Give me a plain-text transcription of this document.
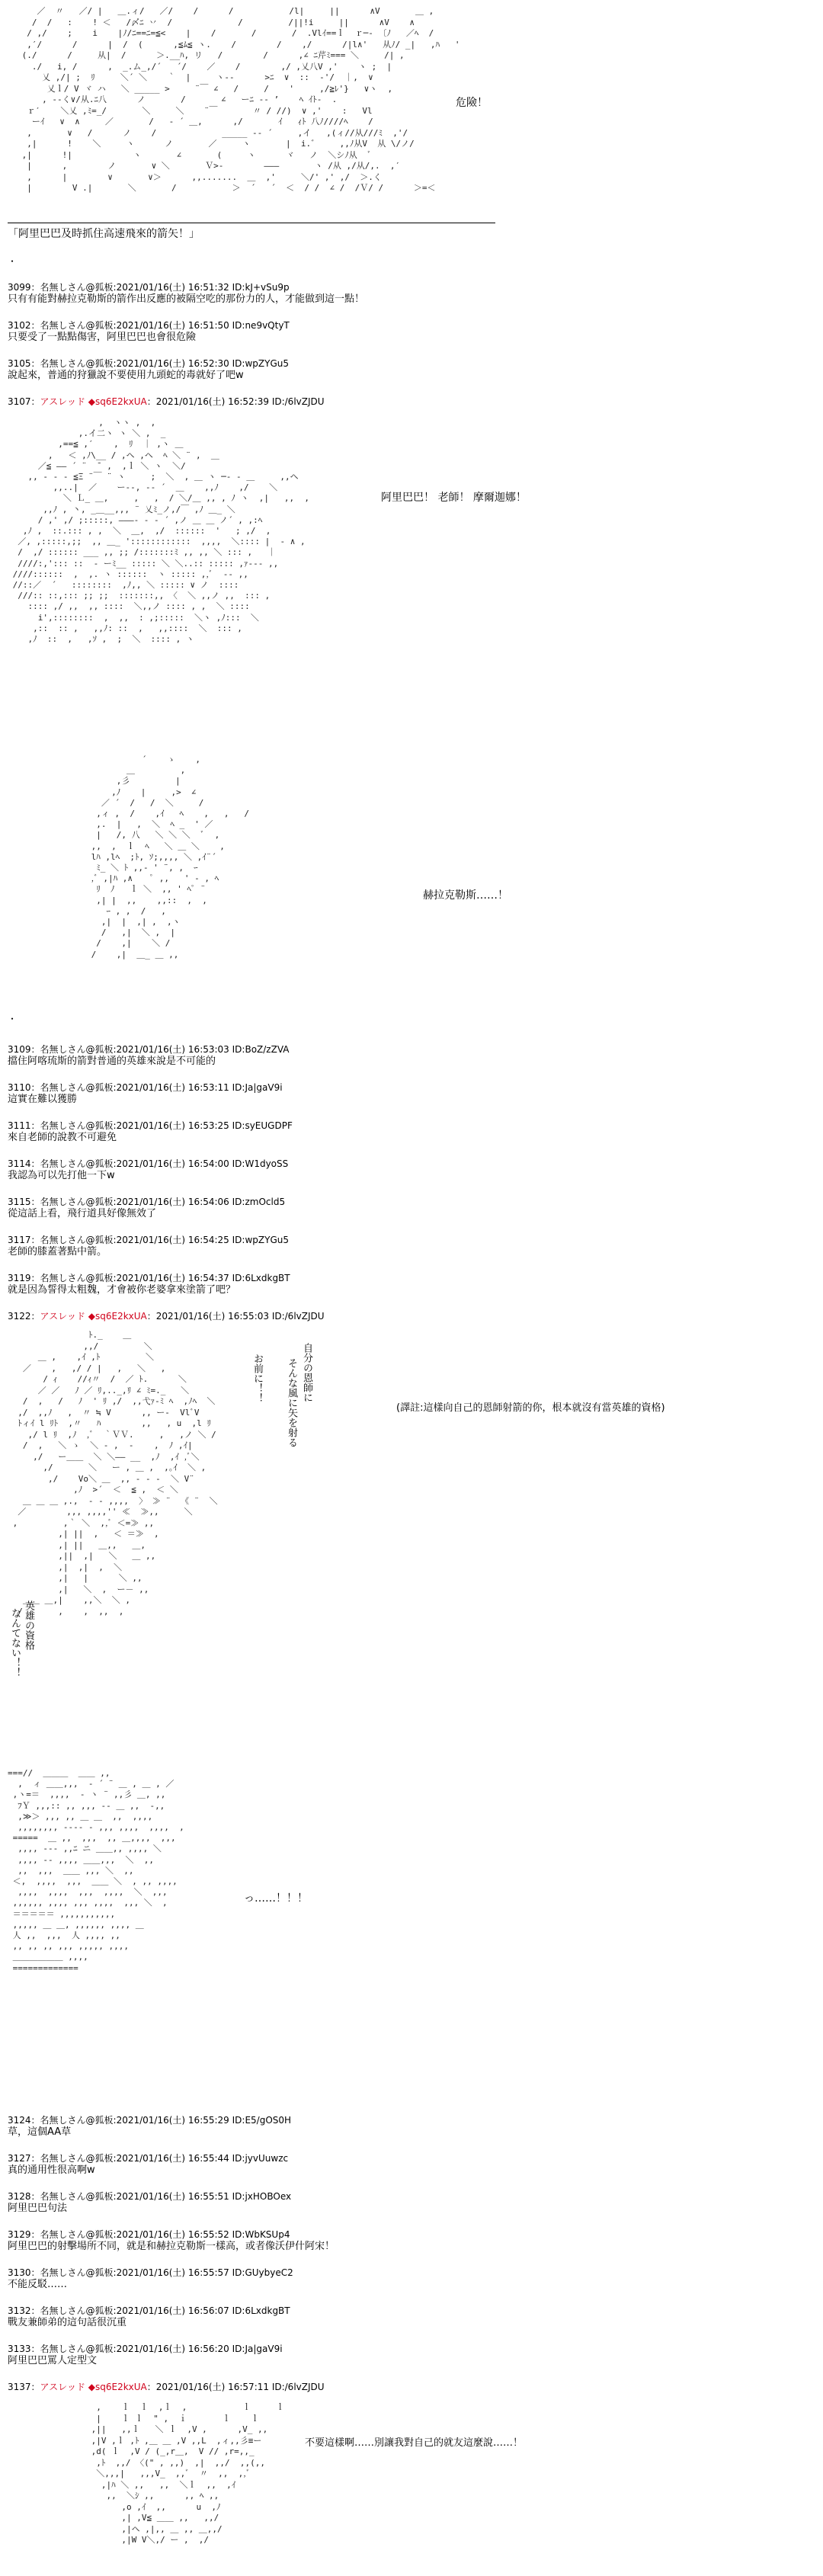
／  〃   ／/ |   ＿.ィ/   ／/    /      /           /l|     ||      ∧V       ＿ ,
/  /   :    ! ＜   /〆ﾆ 丷  /             /         /||!i     ||      ∧V    ∧
/ ,/    ;    i    |ﾉ/ﾆ==ﾆ=≦<    |    /       /       /  .Vlｲ==ｌ  ｒ─‐ 〔ﾉ   ／ﾍ  /
,′/      /      |  /  (      ,≦ﾑ≦ ヽ.    /        /    ,/      /|l∧'   从ﾉ/ _|   ,ﾊ   '
(./      /     从|  /      ＞.__ﾊ, リ   /        /      ,∠ ﾆ芹ﾐ=== ＼     /| ,
./   i, /      ,  _.ム_,/´   ´/    ／    /        ,/ ,乂八V ,'    ヽ ;  |
乂 ,/| ;  ﾘ     ＼´ ＼    ｀  |     ヽ-‐      >ﾆ  ∨  ::  ‐'/  ｜,  ∨
乂ｌ/ V ヾ ハ   ＼ _____ >     ¨￣ ∠   /     /    '     ,/≧ﾚ'}   ∨ヽ  ,
, -‐く∨/从.ﾆ八      ノ       /       ∠   ーﾆ -‐ ’    ﾍ ｲﾄ‐  .
ｒ′    ＼乂 ,ﾐ=_/       ＼     ＼    ¨￣       〃 / //)  ∨ ,'    :   Vl
ーｲ   ∨  ∧     ／       /   ‐ ´ ＿,      ,/       ｲ   ｨﾄ 八ﾉ////ﾍ    /
,       ∨   /      ノ    /             _____ -‐ ´     ,イ   ,(ィ//从///ﾐ  ,'/
,|      !    ＼     ヽ      ノ       ／     ヽ       |  i.゛    ,,ﾉ从V  从 \/ノ/
,|      !|            ヽ       ∠       (     ヽ      ヾ   ノ  ＼シﾉ从  ﾞ
|      ,        ノ       ∨ ＼       Ｖ>‐        ―――       ヽ /从 ,/从/,.  ,′
,      |        ∨       ∨＞      ,,.......  ＿  ,'     ＼/' ,' ,/  ＞.く
|        V .|       ＼       /           ＞  ´   ´  ＜  / /  ∠ /  /Ｖ/ /      ＞=＜

危險！
「阿里巴巴及時抓住高速飛來的箭矢！」
・
3099：名無しさん@狐板:2021/01/16(土) 16:51:32 ID:kJ+vSu9p
只有有能對赫拉克勒斯的箭作出反應的被隔空吃的那份力的人，才能做到這一點！
3102：名無しさん@狐板:2021/01/16(土) 16:51:50 ID:ne9vQtyT
只要受了一點點傷害，阿里巴巴也會很危險
3105：名無しさん@狐板:2021/01/16(土) 16:52:30 ID:wpZYGu5
說起來，普通的狩獵說不要使用九頭蛇的毒就好了吧w
3107：アスレッド ◆sq6E2kxUA：2021/01/16(土) 16:52:39 ID:/6lvZJDU
,  ヽヽ ,  ,
,.イ二ヽ ヽ ＼ ,  _
,==≦ ,′    ,  ﾘ  ｜ ,ヽ ＿
,   ＜ ,ﾉ\__ / ,ヘ ,ヘ  ﾍ ＼ ¨ ,  ＿
／≦ ―― ´ ¨  ¯ ,  ,ｌ ＼ ヽ  ＼/
,, ‐ ‐ ‐ ≦Ξ ¨￣ ¨ ヽ     ;  ＼  , ＿ ヽ ─‐ - ＿     ,,ヘ
,,..|  ／    ー--, -‐ ´  ＿    ,,ﾉ    ,/    ＼
＼ Ｌ_ ＿,     ,   ,  / ＼/＿ ,, , ﾉ ヽ  ,|   ,,  ,
,,ﾉ , 丶, _＿__,,, ¨ 乂ﾐ_ノ,/￣ ,ﾉ ＿_ ＼
/ ,' ,/ ;:::::, ―――‐ - ‐ ´ ,ノ ＿ ＿ ノ´ , ,:ﾍ
,ﾉ ,  ::.::: , ,  ＼  ＿,  ,/  ::::::  '   ; ,/  ,
／, ,:::::,;;  ,, ＿_ '::::::::::::  ,,,,  ＼:::: |  ‐ ∧ ,
/  ,/ :::::: ___ ,, ;; /:::::::ﾐ ,, ,, ＼ ::: ,   ｜
////:,'::: ::  ‐ ーﾐ__ ::::: ＼ ＼..:: ::::: ,ｧ--- ,,
////::::::  ,  ,. ヽ ::::::  ヽ ::::: ,,ﾞ  ‐- ,,
//::／  ´   ::::::::  ,ﾉ,, ＼ ::::: ∨ ノ  ::::
///:: ::,::: ;; ;;  :::::::,, 〈  ＼ ,,ノ ,,  ::: ,
:::: ,/ ,,  ,, ::::  ＼,,ノ :::: , ,  ＼ ::::
i',::::::::  ,  ,,  : ,;:::::  ＼ヽ ,ﾉ:::  ＼
,::  :: ,   ,,ﾉ: ::  ,   ,,::::  ＼  ::: ,
,ﾉ  ::  ,   ,ｿ ,  ;  ＼  :::: , ヽ

阿里巴巴！ 老師！ 摩爾迦娜！
´    ゝ    ,
＿         ,
,彡         |
,ﾉ    |     ,>  ∠
／ ´  /   /  ＼     /
,ィ ,  /    ,ｲ   ﾍ    ,   ,   /
,.  |   ,  ＼  ﾍ _  ' ／
|   /, 八   ＼ ＼ ＼  ﾞ  ,
,,  ,  ｌ  ﾍ   ＼ ＿ ＼    ,
lﾊ ,lﾍ  ;ﾄ, ｿ;,,,, ＼ ,ｲ¨´
ﾐ_ ＼ ﾄ ,,‐ ' ¨, ,  ｰ
,ﾞ ,|ﾊ ,∧    ﾟ ,,   ' ‐ , ﾍ
ﾘ  ﾉ   ｌ ＼  ,, ' ﾍﾟ ¨
,| |  ,,    ,,::  ,  ,
ｰ , ,  /   ,
,|  |  ,| ,  ,ヽ
/   ,|  ＼ ,  |
/    ,|    ＼ /
/    ,|  ＿_ ＿ ,,

赫拉克勒斯……！
・
3109：名無しさん@狐板:2021/01/16(土) 16:53:03 ID:BoZ/zZVA
擋住阿喀琉斯的箭對普通的英雄來說是不可能的
3110：名無しさん@狐板:2021/01/16(土) 16:53:11 ID:Ja|gaV9i
這實在難以獲勝
3111：名無しさん@狐板:2021/01/16(土) 16:53:25 ID:syEUGDPF
來自老師的說教不可避免
3114：名無しさん@狐板:2021/01/16(土) 16:54:00 ID:W1dyoSS
我認為可以先打他一下w
3115：名無しさん@狐板:2021/01/16(土) 16:54:06 ID:zmOcld5
從這話上看，飛行道具好像無效了
3117：名無しさん@狐板:2021/01/16(土) 16:54:25 ID:wpZYGu5
老師的膝蓋著點中箭。
3119：名無しさん@狐板:2021/01/16(土) 16:54:37 ID:6LxdkgBT
就是因為誓得太粗魏，才會被你老婆拿來塗箭了吧？
3122：アスレッド ◆sq6E2kxUA：2021/01/16(土) 16:55:03 ID:/6lvZJDU
ﾄ._    ＿
,,/         ＼
＿ ,    ,ｲ ,ﾄ         ＼
／    ,   ,/ / |   ,   ＼   ,
/ ｨ    //ｨ〃  /  ／ ﾄ.      ＼
／ ／   ﾉ ／ ﾘ,.._,ﾘ ∠ ﾐ=._   ＼
/  ,   /   ﾉ  ' ﾘ ,/  ,,弋ｧ‐ﾐ ﾍ  ,ﾉﾍ  ＼
,/  ,,ﾉ   ,  〃 ≒ V      ,, ー-  VlﾞV
ﾄィｲ l ﾘﾄ  ,〃   ﾊ        ,,   , u  ,l ﾘ
,/ l ﾘ  ,ﾉ  ,ﾞ  ｀ＶＶ.     ,   ,ノ ＼ /
/  ,   ＼ ゝ  ＼ ‐ ,  ‐    ,  ﾉ ,ｲ|
,/   ー＿＿  ＼ ＼―― __  ,ﾉ  ,ｲ ,ﾞ＼
,/       ＼   ー , ＿ ,  ,｡ｲ  ＼ ,
,/    Vo＼ ＿  ,, ‐ - -  ＼ V¨
,ﾉ  >´  ＜  ≦ ,  ＜ ＼
＿ ＿ ＿ ,.,  ‐ - ,,,,  〉 ≫ ¨  《 ¨  ＼
／        ,,, ,,,,'' ≪  ≫,,     ＼
,         ,｀ ＼  ,,ﾞ ＜=≫ ,,
,| ||  ,   ＜ ＝≫  ,
,| ||   ＿,,   ＿,
,||  ,|   ＼   ＿ ,,
,|  ,|  ,  ＼
,|   |      ＼ ,,
,|   ＼  ,  ー－ ,,
＿＿ ＿,|    ,,＼  ＼ ,
/       ,    ,  ,,  ,

自分の恩師に
そんな風に矢を射る
お前に！！
英雄の資格
なんてない！！
(譯註:這樣向自己的恩師射箭的你，根本就沒有當英雄的資格)
===//  ＿＿＿  ＿＿ ,,
,  ィ ＿＿,,,  ‐ ´ ¨ ＿ , ＿ , ／
,ヽ=＝  ,,,,  ‐ ヽ ¨ ,,彡 ＿, ,,
ﾌＹ ,,,:: ,, ,,, ‐‐ ＿ ,,  ‐,,
,≫＞ ,,, ,, ＿ ＿  ,,  ,,,,
,,,,,,,, ‐‐‐‐ - ,,, ,,,,  ,,,,  ,
=====  ＿ ,,  ,,,  ,, ＿,,,,  ,,,
,,,, ‐‐‐ ,,ﾆ ニ ＿＿,, ,,,, ＼
,,,, ‐‐ ,,,, ＿＿,,,  ＼  ,,
,,  ,,,  ＿＿ ,,, ＼  ,,
＜,  ,,,,  ,,,  ＿＿ ＼  , ,, ,,,,
,,,,  ,,,,  ,,,  ,,,,  ＼  ,,,
,,,,,, ,,,, ,,, ,,,,  ,,, ＼  ,
＝＝＝＝＝ ,,,,,,,,,,,
,,,,, ＿ ＿, ,,,,,, ,,,, ＿
人 ,,  ,,,  人 ,,,, ,,
,, ,, ,, ,,, ,,,,, ,,,,
＿＿＿＿＿＿ ,,,,
=============

っ……！！！
3124：名無しさん@狐板:2021/01/16(土) 16:55:29 ID:E5/gOS0H
草，這個AA草
3127：名無しさん@狐板:2021/01/16(土) 16:55:44 ID:jyvUuwzc
真的通用性很高啊w
3128：名無しさん@狐板:2021/01/16(土) 16:55:51 ID:jxHOBOex
阿里巴巴句法
3129：名無しさん@狐板:2021/01/16(土) 16:55:52 ID:WbKSUp4
阿里巴巴的射擊場所不同，就是和赫拉克勒斯一樣高，或者像沃伊什阿宋！
3130：名無しさん@狐板:2021/01/16(土) 16:55:57 ID:GUybyeC2
不能反駁……
3132：名無しさん@狐板:2021/01/16(土) 16:56:07 ID:6LxdkgBT
戰友兼師弟的這句話很沉重
3133：名無しさん@狐板:2021/01/16(土) 16:56:20 ID:Ja|gaV9i
阿里巴巴罵人定型文
3137：アスレッド ◆sq6E2kxUA：2021/01/16(土) 16:57:11 ID:/6lvZJDU
,    ｌ  ｌ  ,ｌ  ,           ｌ     ｌ
|    ｌ ｌ  " ,  ｉ       ｌ    ｌ
,||   ,,ｌ   ＼ ｌ  ,V ,      ,V_ ,,
,|V ,ｌ ,ﾄ ,＿ ＿ ,V ,,L  ,ィ,,彡≡ー
,d( ｌ  ,V / (_,r＿,  V // ,r=,,_
,ﾄ  ,,/ 〈(" , ,,)  ,|  ,,/  ,,(,,
＼,,,|   ,,,V_  ,,ﾞ  〃  ,,  ,,ﾞ
,|ﾊ ＼ ,,   ,,  ＼ｌ  ,,  ,ｲ
,,  ＼ｼ ,,      ,, ﾍ ,,
,o ,ｲ  ,,      u  ,ﾉ
,| ,V≦ ＿＿ ,,   ,,/
,|ヘ ,|,, ＿ ,, ＿,,/
,|W V＼,/ ー ,  ,/

不要這樣啊……別讓我對自己的就友這麼說……！
